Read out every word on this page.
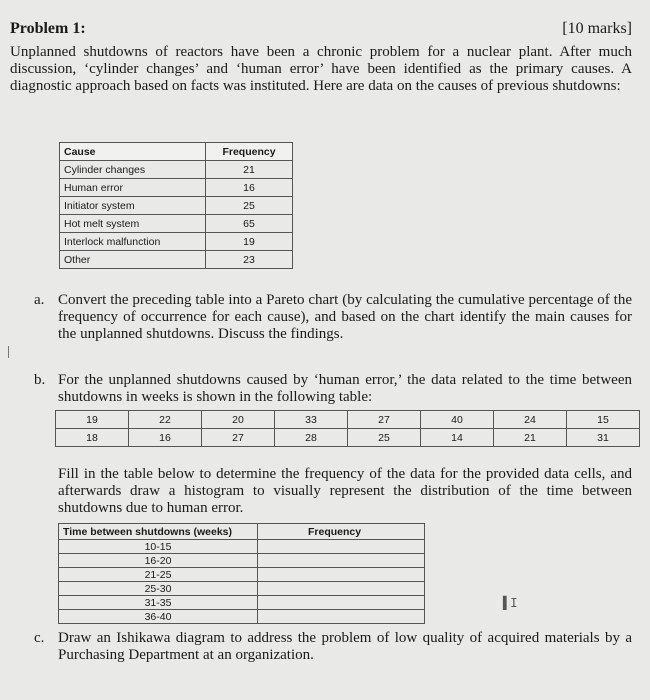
Problem 1:	[10 marks]
Unplanned shutdowns of reactors have been a chronic problem for a nuclear plant. After much discussion, ‘cylinder changes’ and ‘human error’ have been identified as the primary causes. A diagnostic approach based on facts was instituted. Here are data on the causes of previous shutdowns:
Cause	Frequency
Cylinder changes	21
Human error	16
Initiator system	25
Hot melt system	65
Interlock malfunction	19
Other	23
a. Convert the preceding table into a Pareto chart (by calculating the cumulative percentage of the frequency of occurrence for each cause), and based on the chart identify the main causes for the unplanned shutdowns. Discuss the findings.
b. For the unplanned shutdowns caused by ‘human error,’ the data related to the time between shutdowns in weeks is shown in the following table:
19	22	20	33	27	40	24	15
18	16	27	28	25	14	21	31
Fill in the table below to determine the frequency of the data for the provided data cells, and afterwards draw a histogram to visually represent the distribution of the time between shutdowns due to human error.
Time between shutdowns (weeks)	Frequency
10-15	
16-20	
21-25	
25-30	
31-35	
36-40	
▌I
c. Draw an Ishikawa diagram to address the problem of low quality of acquired materials by a Purchasing Department at an organization.
